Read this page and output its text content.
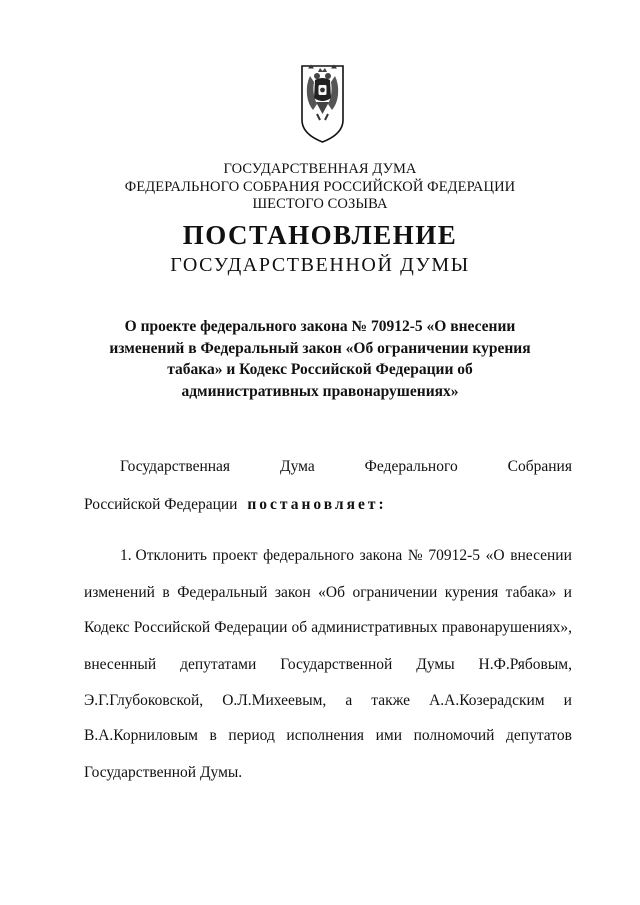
ГОСУДАРСТВЕННАЯ ДУМА
ФЕДЕРАЛЬНОГО СОБРАНИЯ РОССИЙСКОЙ ФЕДЕРАЦИИ
ШЕСТОГО СОЗЫВА
ПОСТАНОВЛЕНИЕ
ГОСУДАРСТВЕННОЙ ДУМЫ
О проекте федерального закона № 70912-5 «О внесении
изменений в Федеральный закон «Об ограничении курения
табака» и Кодекс Российской Федерации об
административных правонарушениях»
Государственная	Дума	Федерального	Собрания
Российской Федерации постановляет:
1. Отклонить проект федерального закона № 70912-5 «О внесении
изменений в Федеральный закон «Об ограничении курения табака» и
Кодекс Российской Федерации об административных правонарушениях»,
внесенный депутатами Государственной Думы Н.Ф.Рябовым,
Э.Г.Глубоковской, О.Л.Михеевым, а также А.А.Козерадским и
В.А.Корниловым в период исполнения ими полномочий депутатов
Государственной Думы.
